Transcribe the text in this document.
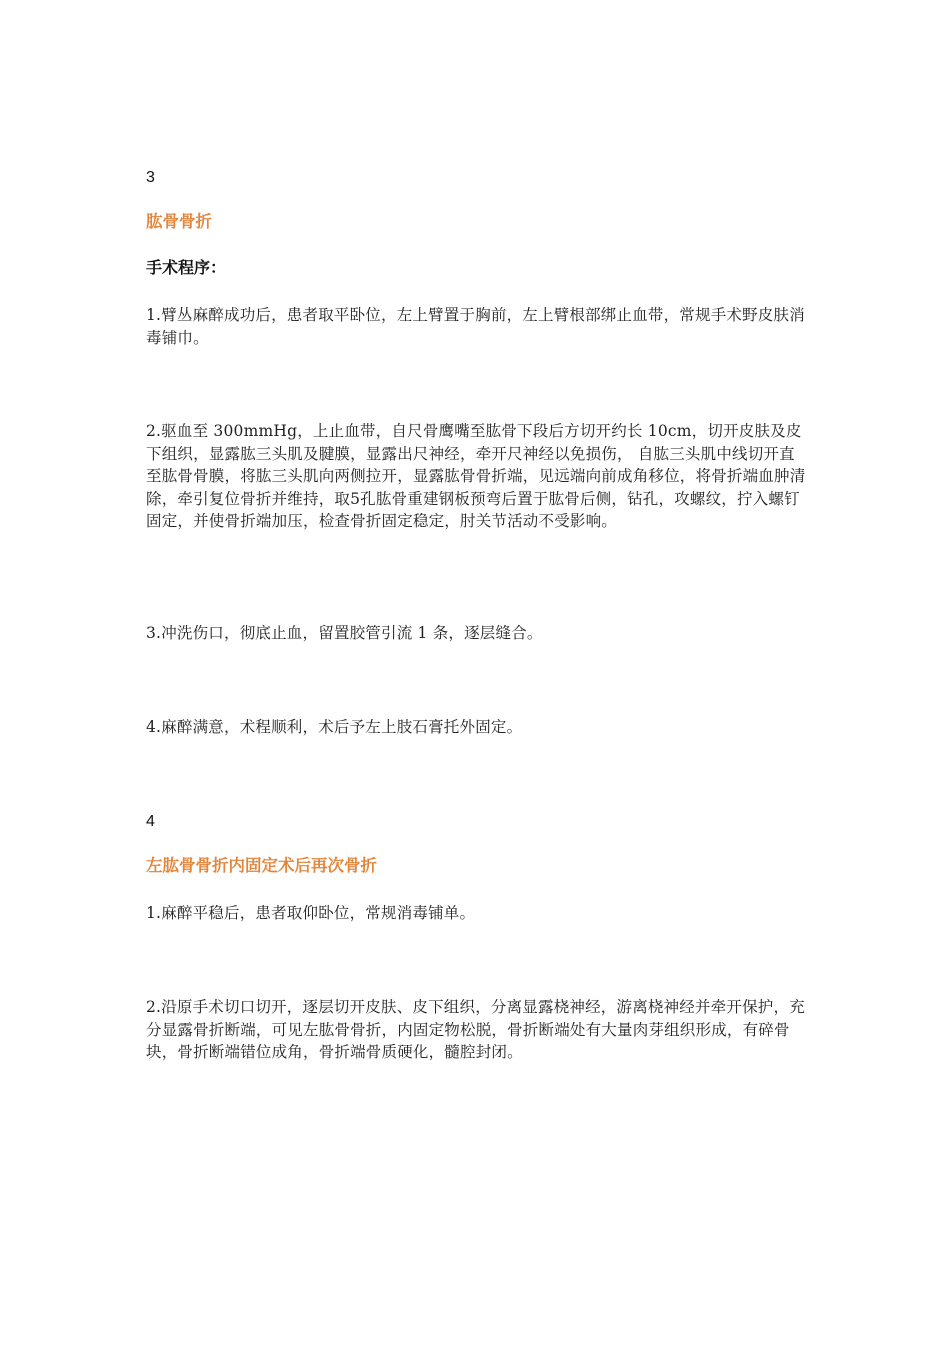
3
肱骨骨折
手术程序：

1.臂丛麻醉成功后，患者取平卧位，左上臂置于胸前，左上臂根部绑止血带，常规手术野皮肤消毒铺巾。

2.驱血至 300mmHg，上止血带，自尺骨鹰嘴至肱骨下段后方切开约长 10cm，切开皮肤及皮下组织，显露肱三头肌及腱膜，显露出尺神经，牵开尺神经以免损伤， 自肱三头肌中线切开直至肱骨骨膜，将肱三头肌向两侧拉开，显露肱骨骨折端，见远端向前成角移位，将骨折端血肿清除，牵引复位骨折并维持，取5孔肱骨重建钢板预弯后置于肱骨后侧，钻孔，攻螺纹，拧入螺钉固定，并使骨折端加压，检查骨折固定稳定，肘关节活动不受影响。

3.冲洗伤口，彻底止血，留置胶管引流 1 条，逐层缝合。

4.麻醉满意，术程顺利，术后予左上肢石膏托外固定。

4
左肱骨骨折内固定术后再次骨折

1.麻醉平稳后，患者取仰卧位，常规消毒铺单。

2.沿原手术切口切开，逐层切开皮肤、皮下组织，分离显露桡神经，游离桡神经并牵开保护，充分显露骨折断端，可见左肱骨骨折，内固定物松脱，骨折断端处有大量肉芽组织形成，有碎骨块，骨折断端错位成角，骨折端骨质硬化，髓腔封闭。
